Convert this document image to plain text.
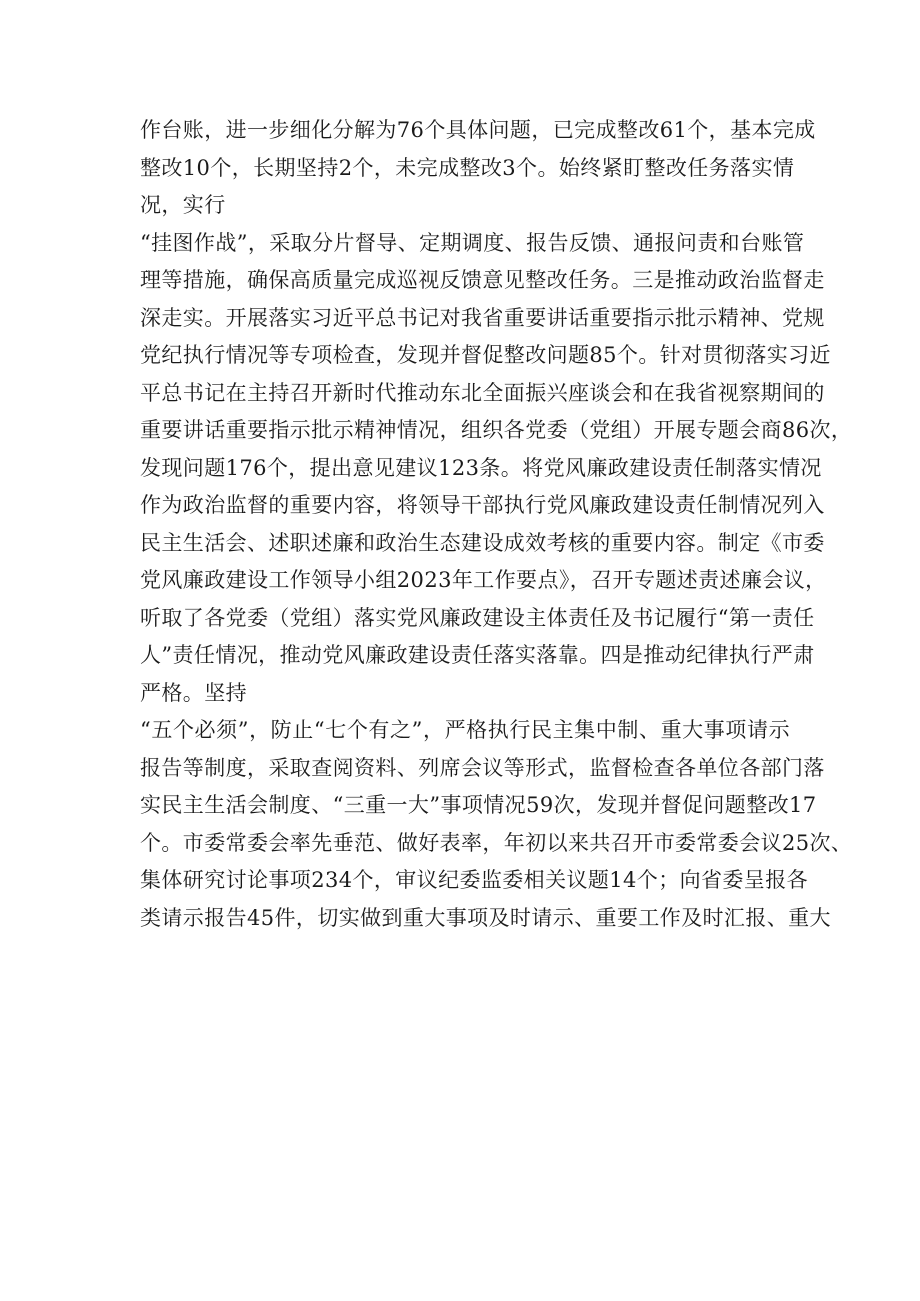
作台账，进一步细化分解为76个具体问题，已完成整改61个，基本完成
整改10个，长期坚持2个，未完成整改3个。始终紧盯整改任务落实情
况，实行
“挂图作战”，采取分片督导、定期调度、报告反馈、通报问责和台账管
理等措施，确保高质量完成巡视反馈意见整改任务。三是推动政治监督走
深走实。开展落实习近平总书记对我省重要讲话重要指示批示精神、党规
党纪执行情况等专项检查，发现并督促整改问题85个。针对贯彻落实习近
平总书记在主持召开新时代推动东北全面振兴座谈会和在我省视察期间的
重要讲话重要指示批示精神情况，组织各党委（党组）开展专题会商86次，
发现问题176个，提出意见建议123条。将党风廉政建设责任制落实情况
作为政治监督的重要内容，将领导干部执行党风廉政建设责任制情况列入
民主生活会、述职述廉和政治生态建设成效考核的重要内容。制定《市委
党风廉政建设工作领导小组2023年工作要点》，召开专题述责述廉会议，
听取了各党委（党组）落实党风廉政建设主体责任及书记履行“第一责任
人”责任情况，推动党风廉政建设责任落实落靠。四是推动纪律执行严肃
严格。坚持
“五个必须”，防止“七个有之”，严格执行民主集中制、重大事项请示
报告等制度，采取查阅资料、列席会议等形式，监督检查各单位各部门落
实民主生活会制度、“三重一大”事项情况59次，发现并督促问题整改17
个。市委常委会率先垂范、做好表率，年初以来共召开市委常委会议25次、
集体研究讨论事项234个，审议纪委监委相关议题14个；向省委呈报各
类请示报告45件，切实做到重大事项及时请示、重要工作及时汇报、重大
